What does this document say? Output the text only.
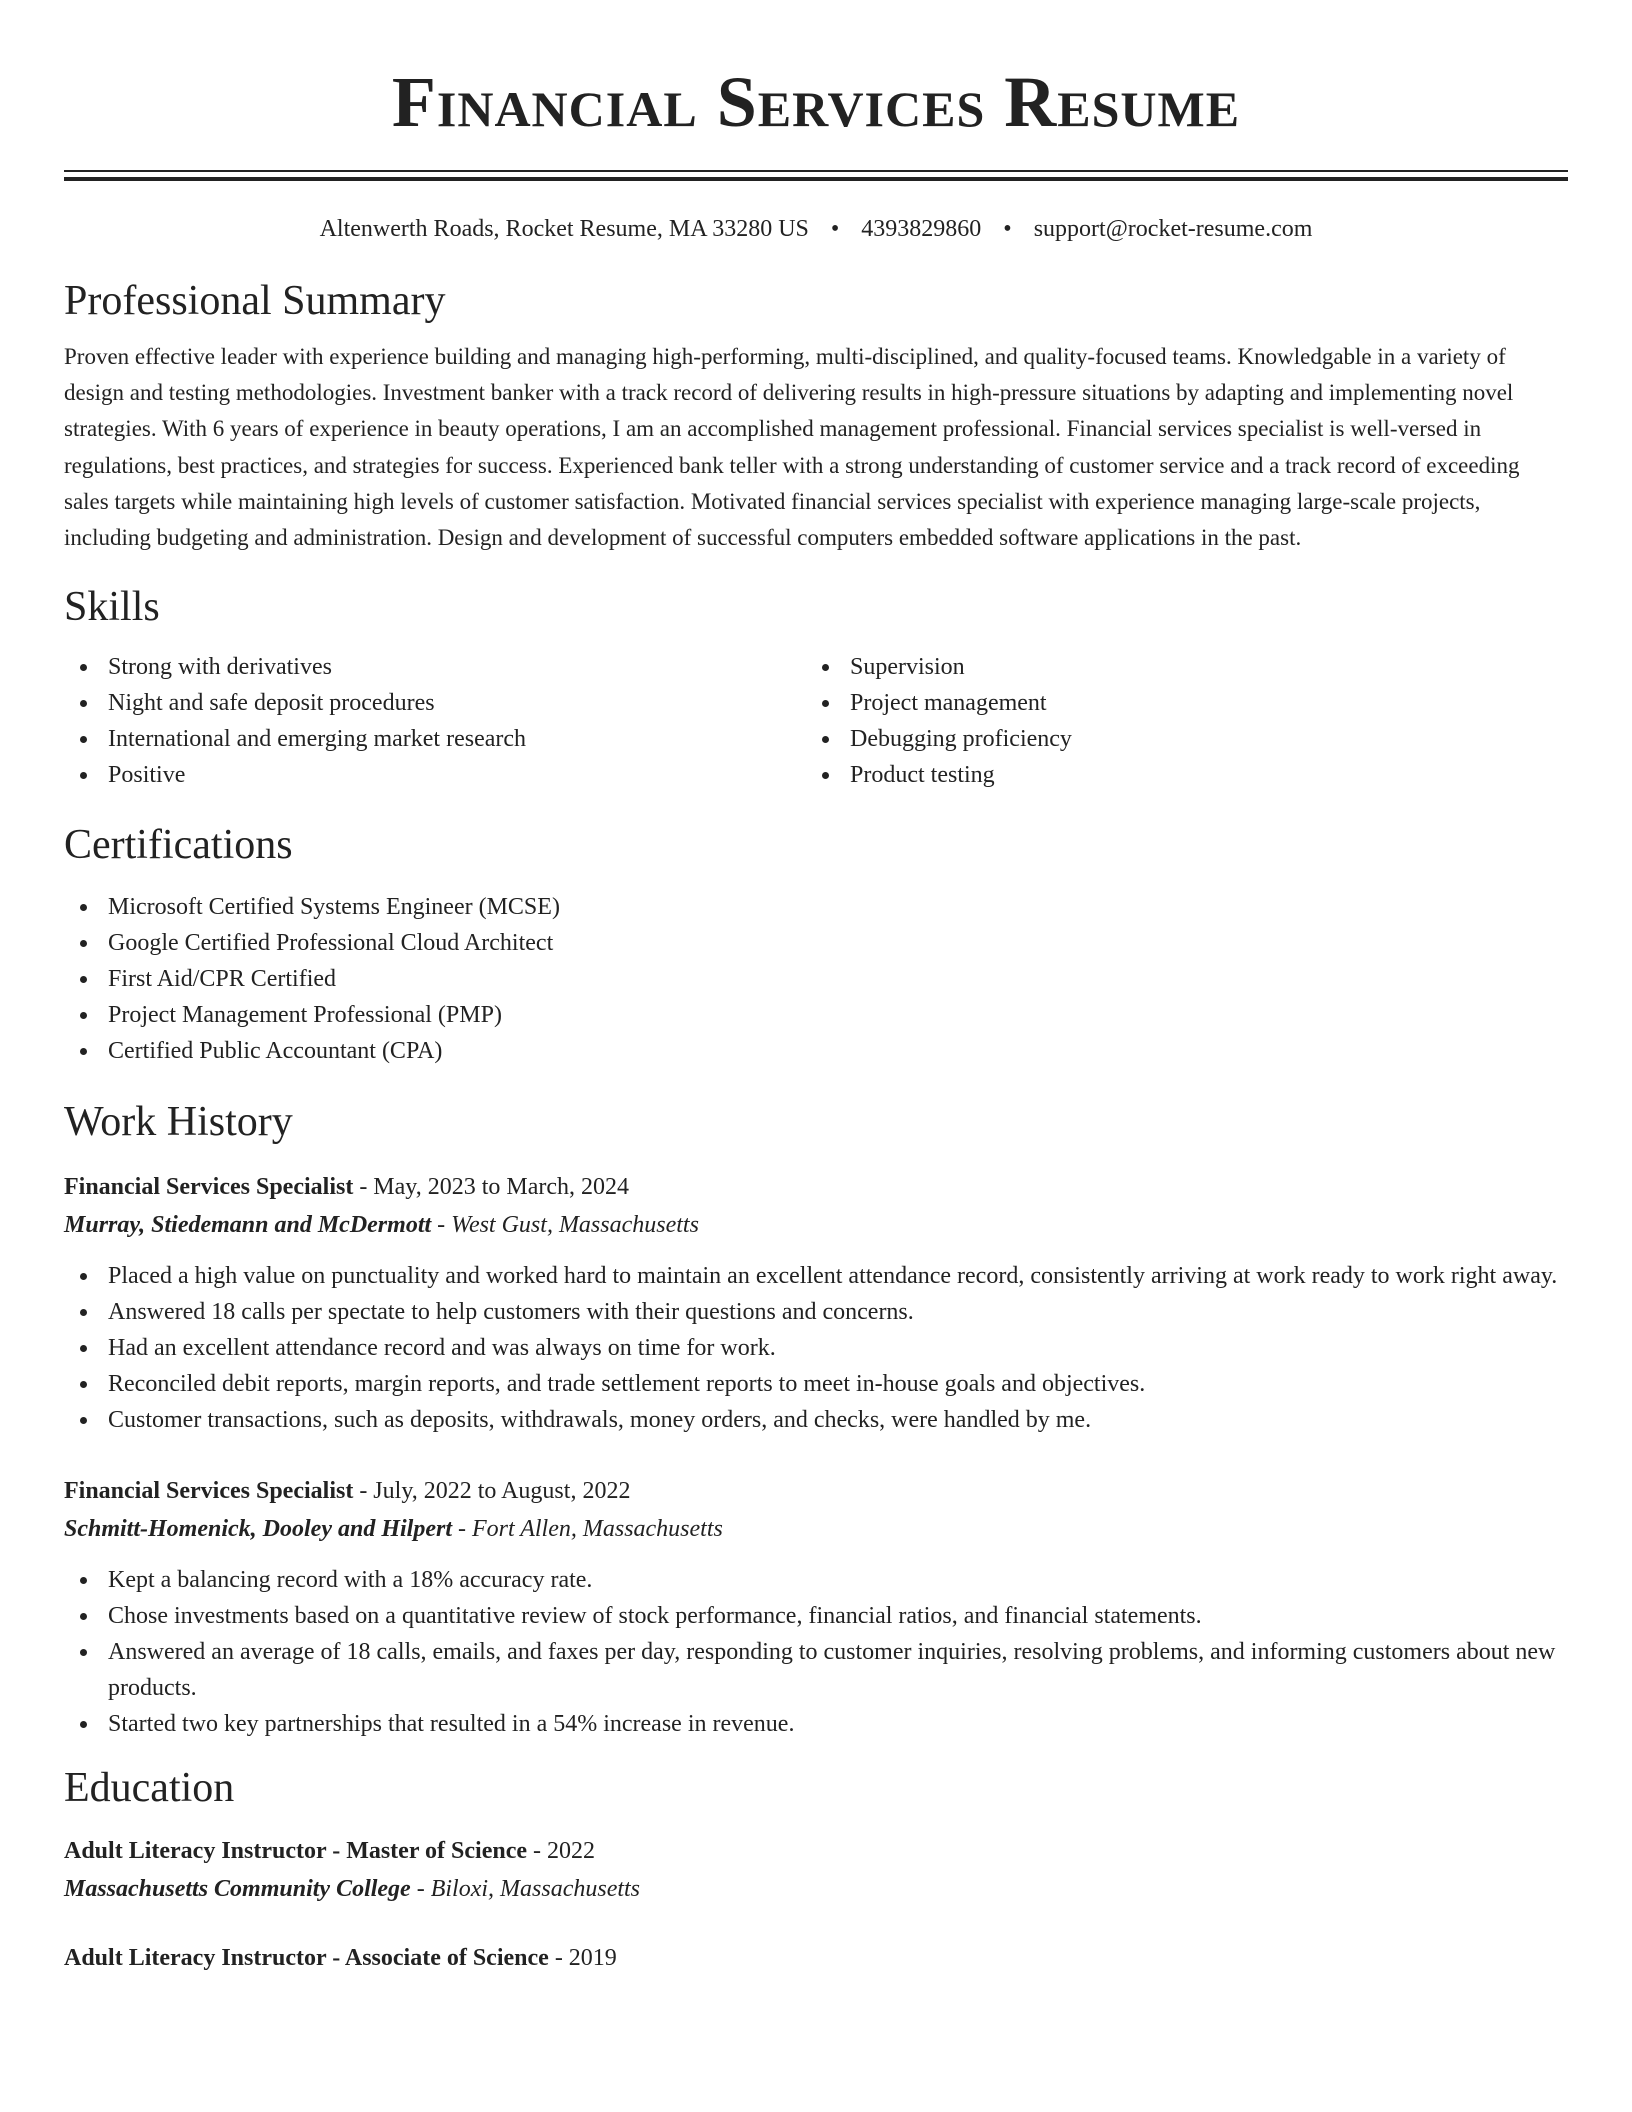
Financial Services Resume
Altenwerth Roads, Rocket Resume, MA 33280 US • 4393829860 • support@rocket-resume.com
Professional Summary

Proven effective leader with experience building and managing high-performing, multi-disciplined, and quality-focused teams. Knowledgable in a variety of design and testing methodologies. Investment banker with a track record of delivering results in high-pressure situations by adapting and implementing novel strategies. With 6 years of experience in beauty operations, I am an accomplished management professional. Financial services specialist is well-versed in regulations, best practices, and strategies for success. Experienced bank teller with a strong understanding of customer service and a track record of exceeding sales targets while maintaining high levels of customer satisfaction. Motivated financial services specialist with experience managing large-scale projects, including budgeting and administration. Design and development of successful computers embedded software applications in the past.

Skills
Strong with derivatives
Night and safe deposit procedures
International and emerging market research
Positive
Supervision
Project management
Debugging proficiency
Product testing
Certifications
Microsoft Certified Systems Engineer (MCSE)
Google Certified Professional Cloud Architect
First Aid/CPR Certified
Project Management Professional (PMP)
Certified Public Accountant (CPA)
Work History
Financial Services Specialist - May, 2023 to March, 2024
Murray, Stiedemann and McDermott - West Gust, Massachusetts
Placed a high value on punctuality and worked hard to maintain an excellent attendance record, consistently arriving at work ready to work right away.
Answered 18 calls per spectate to help customers with their questions and concerns.
Had an excellent attendance record and was always on time for work.
Reconciled debit reports, margin reports, and trade settlement reports to meet in-house goals and objectives.
Customer transactions, such as deposits, withdrawals, money orders, and checks, were handled by me.
Financial Services Specialist - July, 2022 to August, 2022
Schmitt-Homenick, Dooley and Hilpert - Fort Allen, Massachusetts
Kept a balancing record with a 18% accuracy rate.
Chose investments based on a quantitative review of stock performance, financial ratios, and financial statements.
Answered an average of 18 calls, emails, and faxes per day, responding to customer inquiries, resolving problems, and informing customers about new products.
Started two key partnerships that resulted in a 54% increase in revenue.
Education
Adult Literacy Instructor - Master of Science - 2022
Massachusetts Community College - Biloxi, Massachusetts
Adult Literacy Instructor - Associate of Science - 2019
